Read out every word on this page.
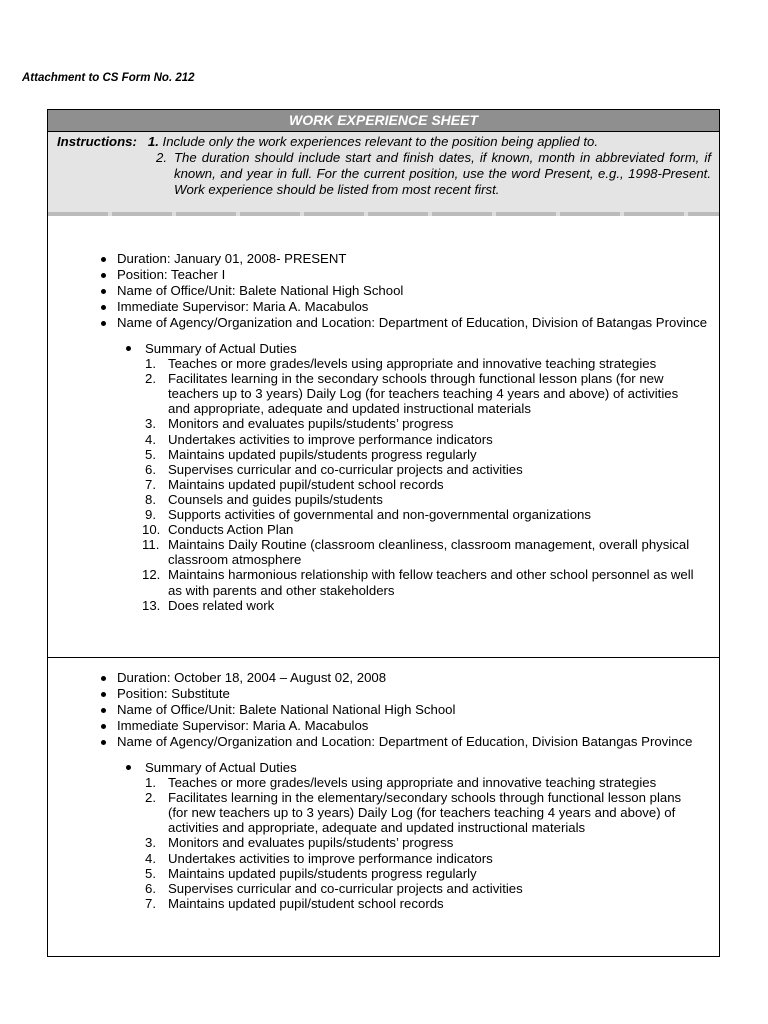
Attachment to CS Form No. 212
WORK EXPERIENCE SHEET
Instructions: 1. Include only the work experiences relevant to the position being applied to.
2. The duration should include start and finish dates, if known, month in abbreviated form, if known, and year in full. For the current position, use the word Present, e.g., 1998-Present. Work experience should be listed from most recent first.
Duration: January 01, 2008- PRESENT
Position: Teacher I
Name of Office/Unit: Balete National High School
Immediate Supervisor: Maria A. Macabulos
Name of Agency/Organization and Location: Department of Education, Division of Batangas Province
Summary of Actual Duties
1. Teaches or more grades/levels using appropriate and innovative teaching strategies
2. Facilitates learning in the secondary schools through functional lesson plans (for new teachers up to 3 years) Daily Log (for teachers teaching 4 years and above) of activities and appropriate, adequate and updated instructional materials
3. Monitors and evaluates pupils/students’ progress
4. Undertakes activities to improve performance indicators
5. Maintains updated pupils/students progress regularly
6. Supervises curricular and co-curricular projects and activities
7. Maintains updated pupil/student school records
8. Counsels and guides pupils/students
9. Supports activities of governmental and non-governmental organizations
10. Conducts Action Plan
11. Maintains Daily Routine (classroom cleanliness, classroom management, overall physical classroom atmosphere
12. Maintains harmonious relationship with fellow teachers and other school personnel as well as with parents and other stakeholders
13. Does related work
Duration: October 18, 2004 – August 02, 2008
Position: Substitute
Name of Office/Unit: Balete National National High School
Immediate Supervisor: Maria A. Macabulos
Name of Agency/Organization and Location: Department of Education, Division Batangas Province
Summary of Actual Duties
1. Teaches or more grades/levels using appropriate and innovative teaching strategies
2. Facilitates learning in the elementary/secondary schools through functional lesson plans (for new teachers up to 3 years) Daily Log (for teachers teaching 4 years and above) of activities and appropriate, adequate and updated instructional materials
3. Monitors and evaluates pupils/students’ progress
4. Undertakes activities to improve performance indicators
5. Maintains updated pupils/students progress regularly
6. Supervises curricular and co-curricular projects and activities
7. Maintains updated pupil/student school records
